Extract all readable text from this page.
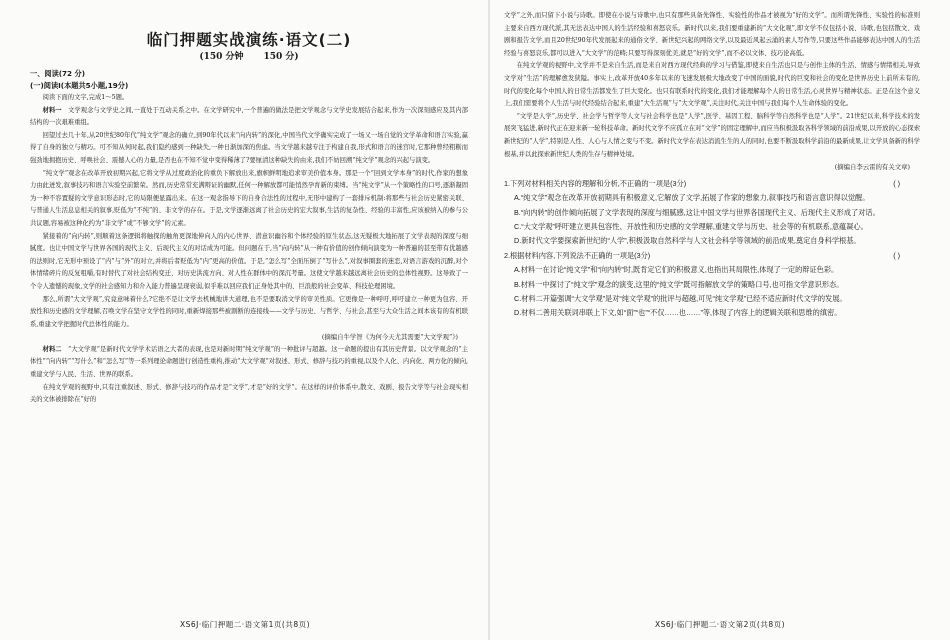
临门押题实战演练·语文(二)
(150 分钟 150 分)

一、阅读(72 分)

(一)阅读Ⅰ(本题共5小题,19分)

阅读下面的文字,完成1～5题。

材料一　 文学观念与文学史之间,一直处于互动关系之中。在文学研究中,一个普遍的做法是把文学观念与文学史发展结合起来,作为一次深刻感应及其内部结构的一次艰难重组。

回望过去几十年,从20世纪80年代“纯文学”观念的确立,到90年代以来“向内转”的深化,中国当代文学确实完成了一场又一场自觉的文学革命和语言实验,赢得了自身的独立与精巧。可不知从何时起,我们隐约感到一种缺失,一种日渐加深的焦虑。当文学越来越专注于构建自我,形式和语言的迷宫时,它那种曾经粗粝而强劲地拥抱历史、呼唤社会、震撼人心的力量,是否也在不知不觉中变得稀薄了?要厘清这种缺失的由来,我们不妨回溯“纯文学”观念的兴起与演变。

“纯文学”观念在改革开放初期兴起,它将文学从过度政治化的重负下解放出来,旗帜鲜明地追求审美价值本身。那是一个“回到文学本身”的时代,作家的想象力由此迸发,叙事技巧和语言实验空前繁荣。然而,历史常常充满辩证的幽默,任何一种解放都可能悄然孕育新的束缚。当“纯文学”从一个策略性的口号,逐渐凝固为一种不容置疑的文学意识形态时,它的局限便显露出来。在这一观念指导下的自身合法性的过程中,无形中建构了一套排斥机制:将那些与社会历史紧密关联、与普通人生活息息相关的叙事,贬低为“不纯”的、非文学的存在。于是,文学逐渐远离了社会历史的宏大叙事,生活的复杂性、经验的丰富性,应该被纳入的参与公共议题,容易被这种化约为“非文学”或“不够文学”的元素。

紧接着的“向内转”,则顺着这条逻辑将触探的触角更深地伸向人的内心世界、潜意识幽谷和个体经验的原生状态,这无疑极大地拓展了文学表现的深度与细腻度。也让中国文学与世界各国的现代主义、后现代主义的对话成为可能。但问题在于,当“向内转”从一种有价值的创作倾向演变为一种普遍的甚至带有优越感的法则时,它无形中预设了“内”与“外”的对立,并将后者贬低为“内”更高的价值。于是,“怎么写”全面压倒了“写什么”,对叙事圈套的迷恋,对语言游戏的沉醉,对个体情绪碎片的反复咀嚼,有时替代了对社会结构变迁、对历史洪流方向、对人性在群体中的深沉考量。这使文学越来越远离社会历史的总体性视野。这导致了一个令人遗憾的现象,文学的社会感知力和介入能力普遍呈现衰弱,似乎难以回应我们正身处其中的、巨浪般的社会变革、科技伦理困境。

那么,所谓“大文学观”,究竟意味着什么?它绝不是让文学去机械地讲大道理,也不是要取消文学的审美性质。它更像是一种呼吁,呼吁建立一种更为包容、开放性和历史感的文学理解,召唤文学在坚守文学性的同时,重新焊接那些被割断的连接线——文学与历史、与哲学、与社会,甚至与大众生活之间本该有的有机联系,重建文学把握时代总体性的能力。

(摘编自牛学智《为何今天尤其需要“大文学观”》)

材料二　 “大文学观”是新时代文学学术话语之大者的表现,也是对新时期“纯文学观”的一种批评与超越。这一命题的提出有其历史背景。以文学观念的“主体性”“向内转”“写什么”和“怎么写”等一系列理论命题进行创造性重构,推动“大文学观”对叙述、形式、修辞与技巧的重视,以及个人化、内向化、两方化的倾向,重建文学与人民、生活、世界的联系。

在纯文学观的视野中,只有注重叙述、形式、修辞与技巧的作品才是“文学”,才是“好的文学”。在这样的评价体系中,散文、戏剧、报告文学等与社会现实相关的文体被排除在“好的

XS6J·临门押题二·语文第1页(共8页)

文学”之外,而只留下小说与诗歌。即使在小说与诗歌中,也只有那些具备先锋性、实验性的作品才被视为“好的文学”。而所谓先锋性、实验性的标准则主要来自西方现代派,其无法表达中国人的生活经验和喜怒哀乐。新时代以来,我们要重建新的“大文化观”,即文学不仅包括小说、诗歌,也包括散文、戏剧和报告文学,而且20世纪90年代发展起来的通俗文学、新世纪兴起的网络文学,以及最近风起云涌的素人写作等,只要这些作品能够表达中国人的生活经验与喜怒哀乐,都可以进入“大文学”的范畴;只要写得深刻优美,就是“好的文学”,而不必以文体、技巧论高低。

在纯文学观的视野中,文学并不是来自生活,而是来自对西方现代经典的学习与借鉴,即使来自生活也只是与创作主体的生活、情感与情绪相关,导致文学对“生活”的理解愈发狭隘。事实上,改革开放40多年以来的飞速发展极大地改变了中国的面貌,时代的巨变和社会的变化是世界历史上前所未有的,时代的变化每个中国人的日常生活都发生了巨大变化。也只有联系时代的变化,我们才能理解每个人的日常生活,心灵世界与精神状态。正是在这个意义上,我们需要将个人生活与时代经验结合起来,重建“大生活观”与“大文学观”,关注时代,关注中国与我们每个人生命体验的变化。

“文学是人学”,历史学、社会学与哲学等人文与社会科学也是“人学”,医学、基因工程、脑科学等自然科学也是“人学”。21世纪以来,科学技术的发展突飞猛进,新时代正在迎来新一轮科技革命。新时代文学不应孤立在对“文学”的固定理解中,而应当积极汲取各科学领域的前沿成果,以开放的心态探索新世纪的“人学”,特别是人性、人心与人情之变与不变。新时代文学在表达消流生生的人的同时,也要不断汲取科学前沿的最新成果,让文学具备新的科学根基,并以此探索新世纪人类的生存与精神处境。

(摘编自李云雷的有关文章)

1.下列对材料相关内容的理解和分析,不正确的一项是(3分)	( )

A.“纯文学”观念在改革开放初期具有积极意义,它解放了文学,拓展了作家的想象力,叙事技巧和语言意识得以觉醒。

B.“向内转”的创作倾向拓展了文学表现的深度与细腻感,这让中国文学与世界各国现代主义、后现代主义形成了对话。

C.“大文学观”呼吁建立更具包容性、开放性和历史感的文学理解,重建文学与历史、社会等的有机联系,意蕴凝心。

D.新时代文学要探索新世纪的“人学”,积极汲取自然科学与人文社会科学等领域的前沿成果,奠定自身科学根基。

2.根据材料内容,下列说法不正确的一项是(3分)	( )

A.材料一在讨论“纯文学”和“向内转”时,既肯定它们的积极意义,也指出其局限性,体现了一定的辩证色彩。

B.材料一中探讨了“纯文学”观念的演变,这里的“纯文学”既可指解放文学的策略口号,也可指文学意识形态。

C.材料二开篇强调“大文学观”是对“纯文学观”的批评与超越,可见“纯文学观”已经不适应新时代文学的发展。

D.材料二善用关联词串联上下文,如“面”“也”“不仅……也……”等,体现了内容上的逻辑关联和思维的缜密。

XS6J·临门押题二·语文第2页(共8页)
